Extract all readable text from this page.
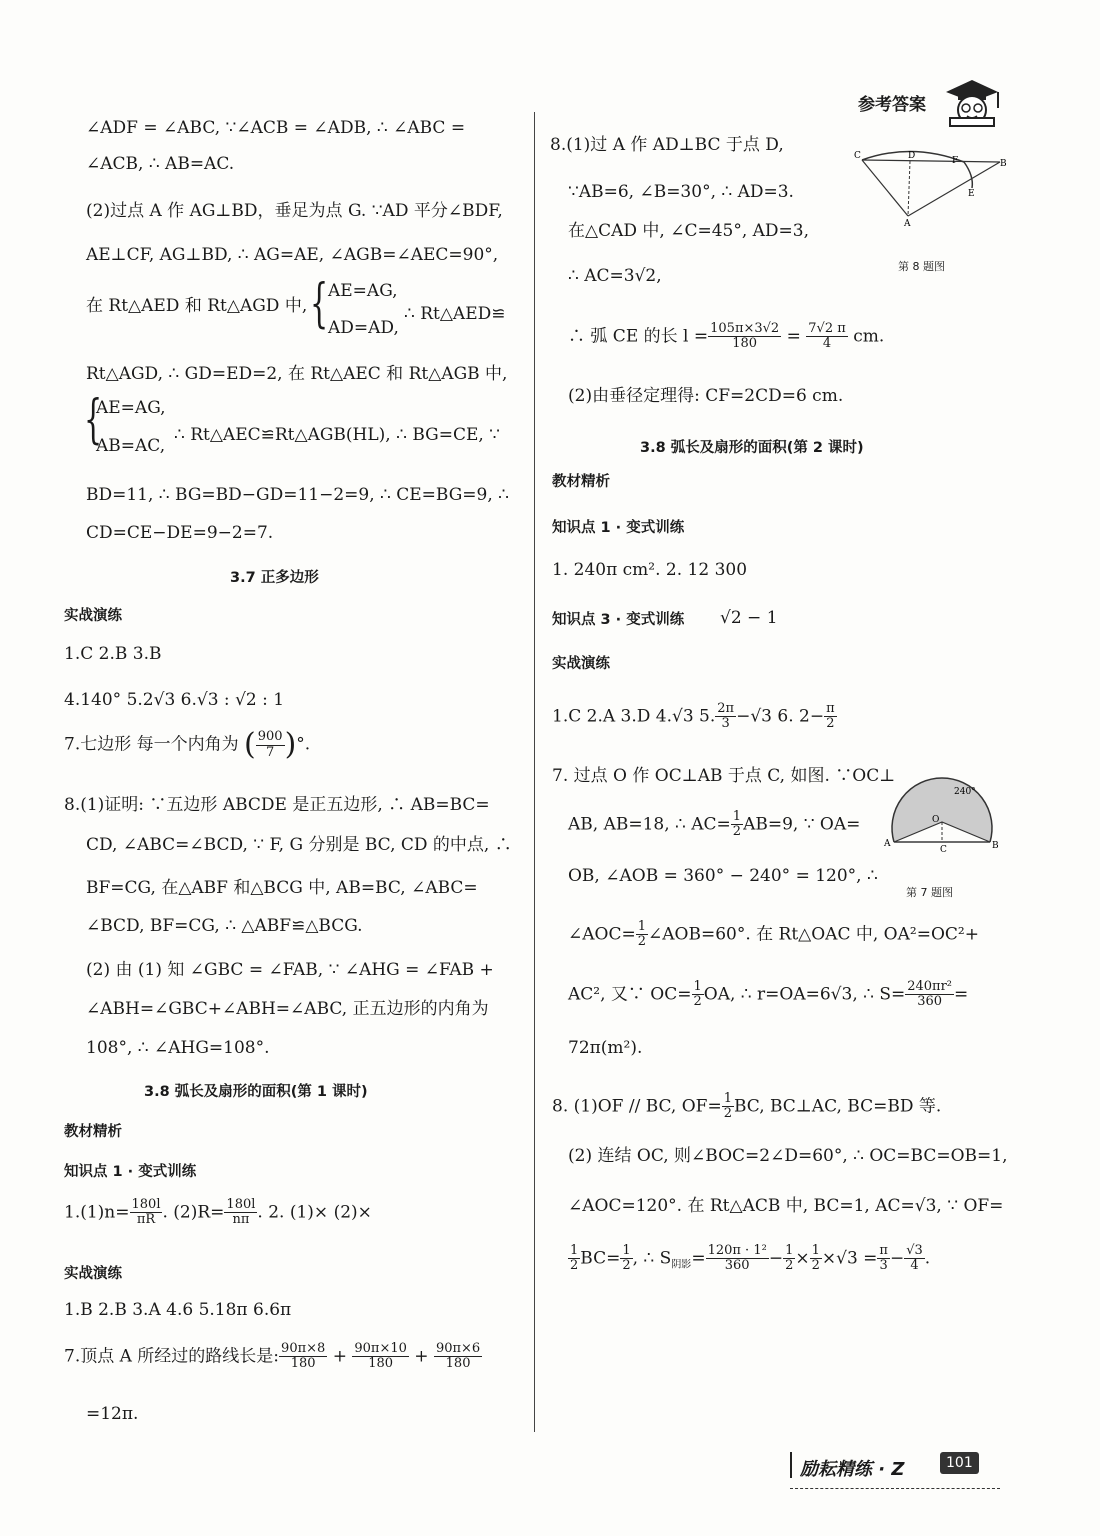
参考答案
∠ADF = ∠ABC, ∵∠ACB = ∠ADB, ∴ ∠ABC =
∠ACB, ∴ AB=AC.
(2)过点 A 作 AG⊥BD，垂足为点 G. ∵AD 平分∠BDF,
AE⊥CF, AG⊥BD, ∴ AG=AE, ∠AGB=∠AEC=90°,
在 Rt△AED 和 Rt△AGD 中, { AE=AG,
AD=AD,
∴ Rt△AED≌
Rt△AGD, ∴ GD=ED=2, 在 Rt△AEC 和 Rt△AGB 中,
{
AE=AG,
AB=AC,
∴ Rt△AEC≌Rt△AGB(HL), ∴ BG=CE, ∵
BD=11, ∴ BG=BD−GD=11−2=9, ∴ CE=BG=9, ∴
CD=CE−DE=9−2=7.
3.7 正多边形
实战演练
1.C 2.B 3.B
4.140° 5.2√3 6.√3 : √2 : 1
7.七边形 每一个内角为 ( $\frac{900}{7}$ )°.
8.(1)证明: ∵五边形 ABCDE 是正五边形, ∴ AB=BC=
CD, ∠ABC=∠BCD, ∵ F, G 分别是 BC, CD 的中点, ∴
BF=CG, 在△ABF 和△BCG 中, AB=BC, ∠ABC=
∠BCD, BF=CG, ∴ △ABF≌△BCG.
(2) 由 (1) 知 ∠GBC = ∠FAB, ∵ ∠AHG = ∠FAB +
∠ABH=∠GBC+∠ABH=∠ABC, 正五边形的内角为
108°, ∴ ∠AHG=108°.
3.8 弧长及扇形的面积(第 1 课时)
教材精析
知识点 1 · 变式训练
$1.(1)n= \frac{180l}{\pi R}$ . $(2)R= \frac{180l}{n\pi}$ . 2. (1)× (2)×
实战演练
1.B 2.B 3.A 4.6 5.18π 6.6π
7.顶点 A 所经过的路线长是: $\frac{90\pi\times 8}{180} + \frac{90\pi\times 10}{180} + \frac{90\pi\times 6}{180}$
=12π.
8.(1)过 A 作 AD⊥BC 于点 D,
∵AB=6, ∠B=30°, ∴ AD=3.
在△CAD 中, ∠C=45°, AD=3,
∴ AC=3√2,
∴ 弧 CE 的长 $l = \frac{105\pi\times 3√2}{180} = \frac{7√2 \pi}{4}$ cm.
(2)由垂径定理得: CF=2CD=6 cm.
C	D	F	B
E
A
第 8 题图
3.8 弧长及扇形的面积(第 2 课时)
教材精析
知识点 1 · 变式训练
1. 240π cm². 2. 12 300
知识点 3 · 变式训练 √2 − 1
实战演练
1.C 2.A 3.D 4.√3 5. $\frac{2\pi}{3} -√3$ 6. $2- \frac{\pi}{2}$
7. 过点 O 作 OC⊥AB 于点 C, 如图. ∵OC⊥
AB, AB=18, ∴ $AC= \frac{1}{2} AB=9$, ∵ OA=
OB, ∠AOB = 360° − 240° = 120°, ∴
240°
O
A
C	B
第 7 题图
∠AOC= $\frac{1}{2}$ ∠AOB=60°. 在 Rt△OAC 中, OA²=OC²+
AC², 又∵ $OC= \frac{1}{2}$ OA, ∴ r=OA=6√3, ∴ $S= \frac{\text{240πr²}}{360}$ =
72π(m²).
8. (1)OF // BC, $OF= \frac{1}{2}$ BC, BC⊥AC, BC=BD 等.
(2) 连结 OC, 则∠BOC=2∠D=60°, ∴ OC=BC=OB=1,
∠AOC=120°. 在 Rt△ACB 中, BC=1, AC=√3, ∵ OF=
$\frac{1}{2} BC= \frac{1}{2}$ , ∴ $S_{阴影}= \frac{\text{120π · 1²}}{360} - \frac{1}{2} \times \frac{1}{2} \times√3 = \frac{\pi}{3} - \frac{√3}{4}$ .
励耘精练 · Z	101
